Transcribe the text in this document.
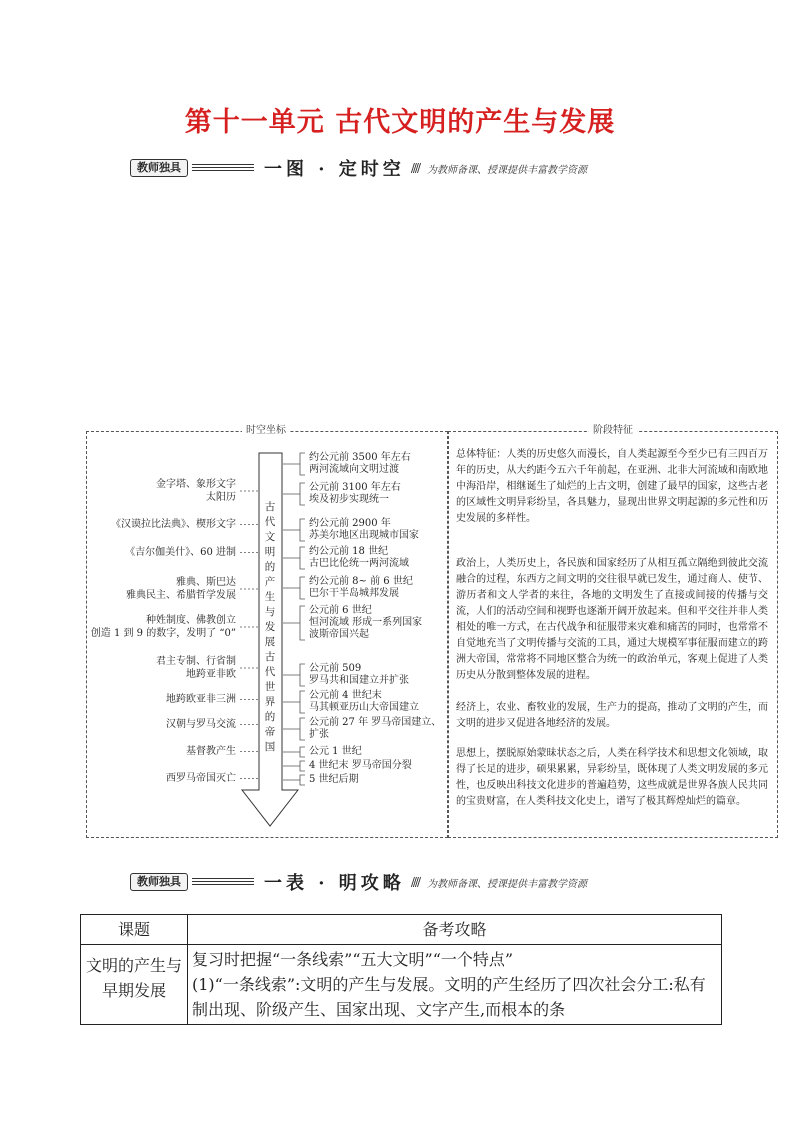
第十一单元 古代文明的产生与发展
教师独具	一图 · 定时空 //// 为教师备课、授课提供丰富教学资源
时空坐标	阶段特征
古代文明的产生与发展
古代世界的帝国
金字塔、象形文字
太阳历
《汉谟拉比法典》、楔形文字
《吉尔伽美什》、60 进制
雅典、斯巴达
雅典民主、希腊哲学发展
种姓制度、佛教创立
创造 1 到 9 的数字，发明了 “0”
君主专制、行省制
地跨亚非欧
地跨欧亚非三洲
汉朝与罗马交流
基督教产生
西罗马帝国灭亡
约公元前 3500 年左右
两河流域向文明过渡
公元前 3100 年左右
埃及初步实现统一
约公元前 2900 年
苏美尔地区出现城市国家
约公元前 18 世纪
古巴比伦统一两河流域
约公元前 8~ 前 6 世纪
巴尔干半岛城邦发展
公元前 6 世纪
恒河流域 形成一系列国家
波斯帝国兴起
公元前 509
罗马共和国建立并扩张
公元前 4 世纪末
马其顿亚历山大帝国建立
公元前 27 年 罗马帝国建立、
扩张
公元 1 世纪
4 世纪末 罗马帝国分裂
5 世纪后期

总体特征：人类的历史悠久而漫长，自人类起源至今至少已有三四百万年的历史，从大约距今五六千年前起，在亚洲、北非大河流域和南欧地中海沿岸，相继诞生了灿烂的上古文明，创建了最早的国家，这些古老的区域性文明异彩纷呈，各具魅力，显现出世界文明起源的多元性和历史发展的多样性。

政治上，人类历史上，各民族和国家经历了从相互孤立隔绝到彼此交流融合的过程，东西方之间文明的交往很早就已发生，通过商人、使节、游历者和文人学者的来往，各地的文明发生了直接或间接的传播与交流，人们的活动空间和视野也逐渐开阔开放起来。但和平交往并非人类相处的唯一方式，在古代战争和征服带来灾难和痛苦的同时，也常常不自觉地充当了文明传播与交流的工具，通过大规模军事征服而建立的跨洲大帝国，常常将不同地区整合为统一的政治单元，客观上促进了人类历史从分散到整体发展的进程。

经济上，农业、畜牧业的发展，生产力的提高，推动了文明的产生，而文明的进步又促进各地经济的发展。

思想上，摆脱原始蒙昧状态之后，人类在科学技术和思想文化领域，取得了长足的进步，硕果累累，异彩纷呈，既体现了人类文明发展的多元性，也反映出科技文化进步的普遍趋势，这些成就是世界各族人民共同的宝贵财富，在人类科技文化史上，谱写了极其辉煌灿烂的篇章。

教师独具	一表 · 明攻略 //// 为教师备课、授课提供丰富教学资源
课题	备考攻略
文明的产生与早期发展	复习时把握“一条线索”“五大文明”“一个特点”
(1)“一条线索”:文明的产生与发展。文明的产生经历了四次社会分工:私有制出现、阶级产生、国家出现、文字产生,而根本的条
